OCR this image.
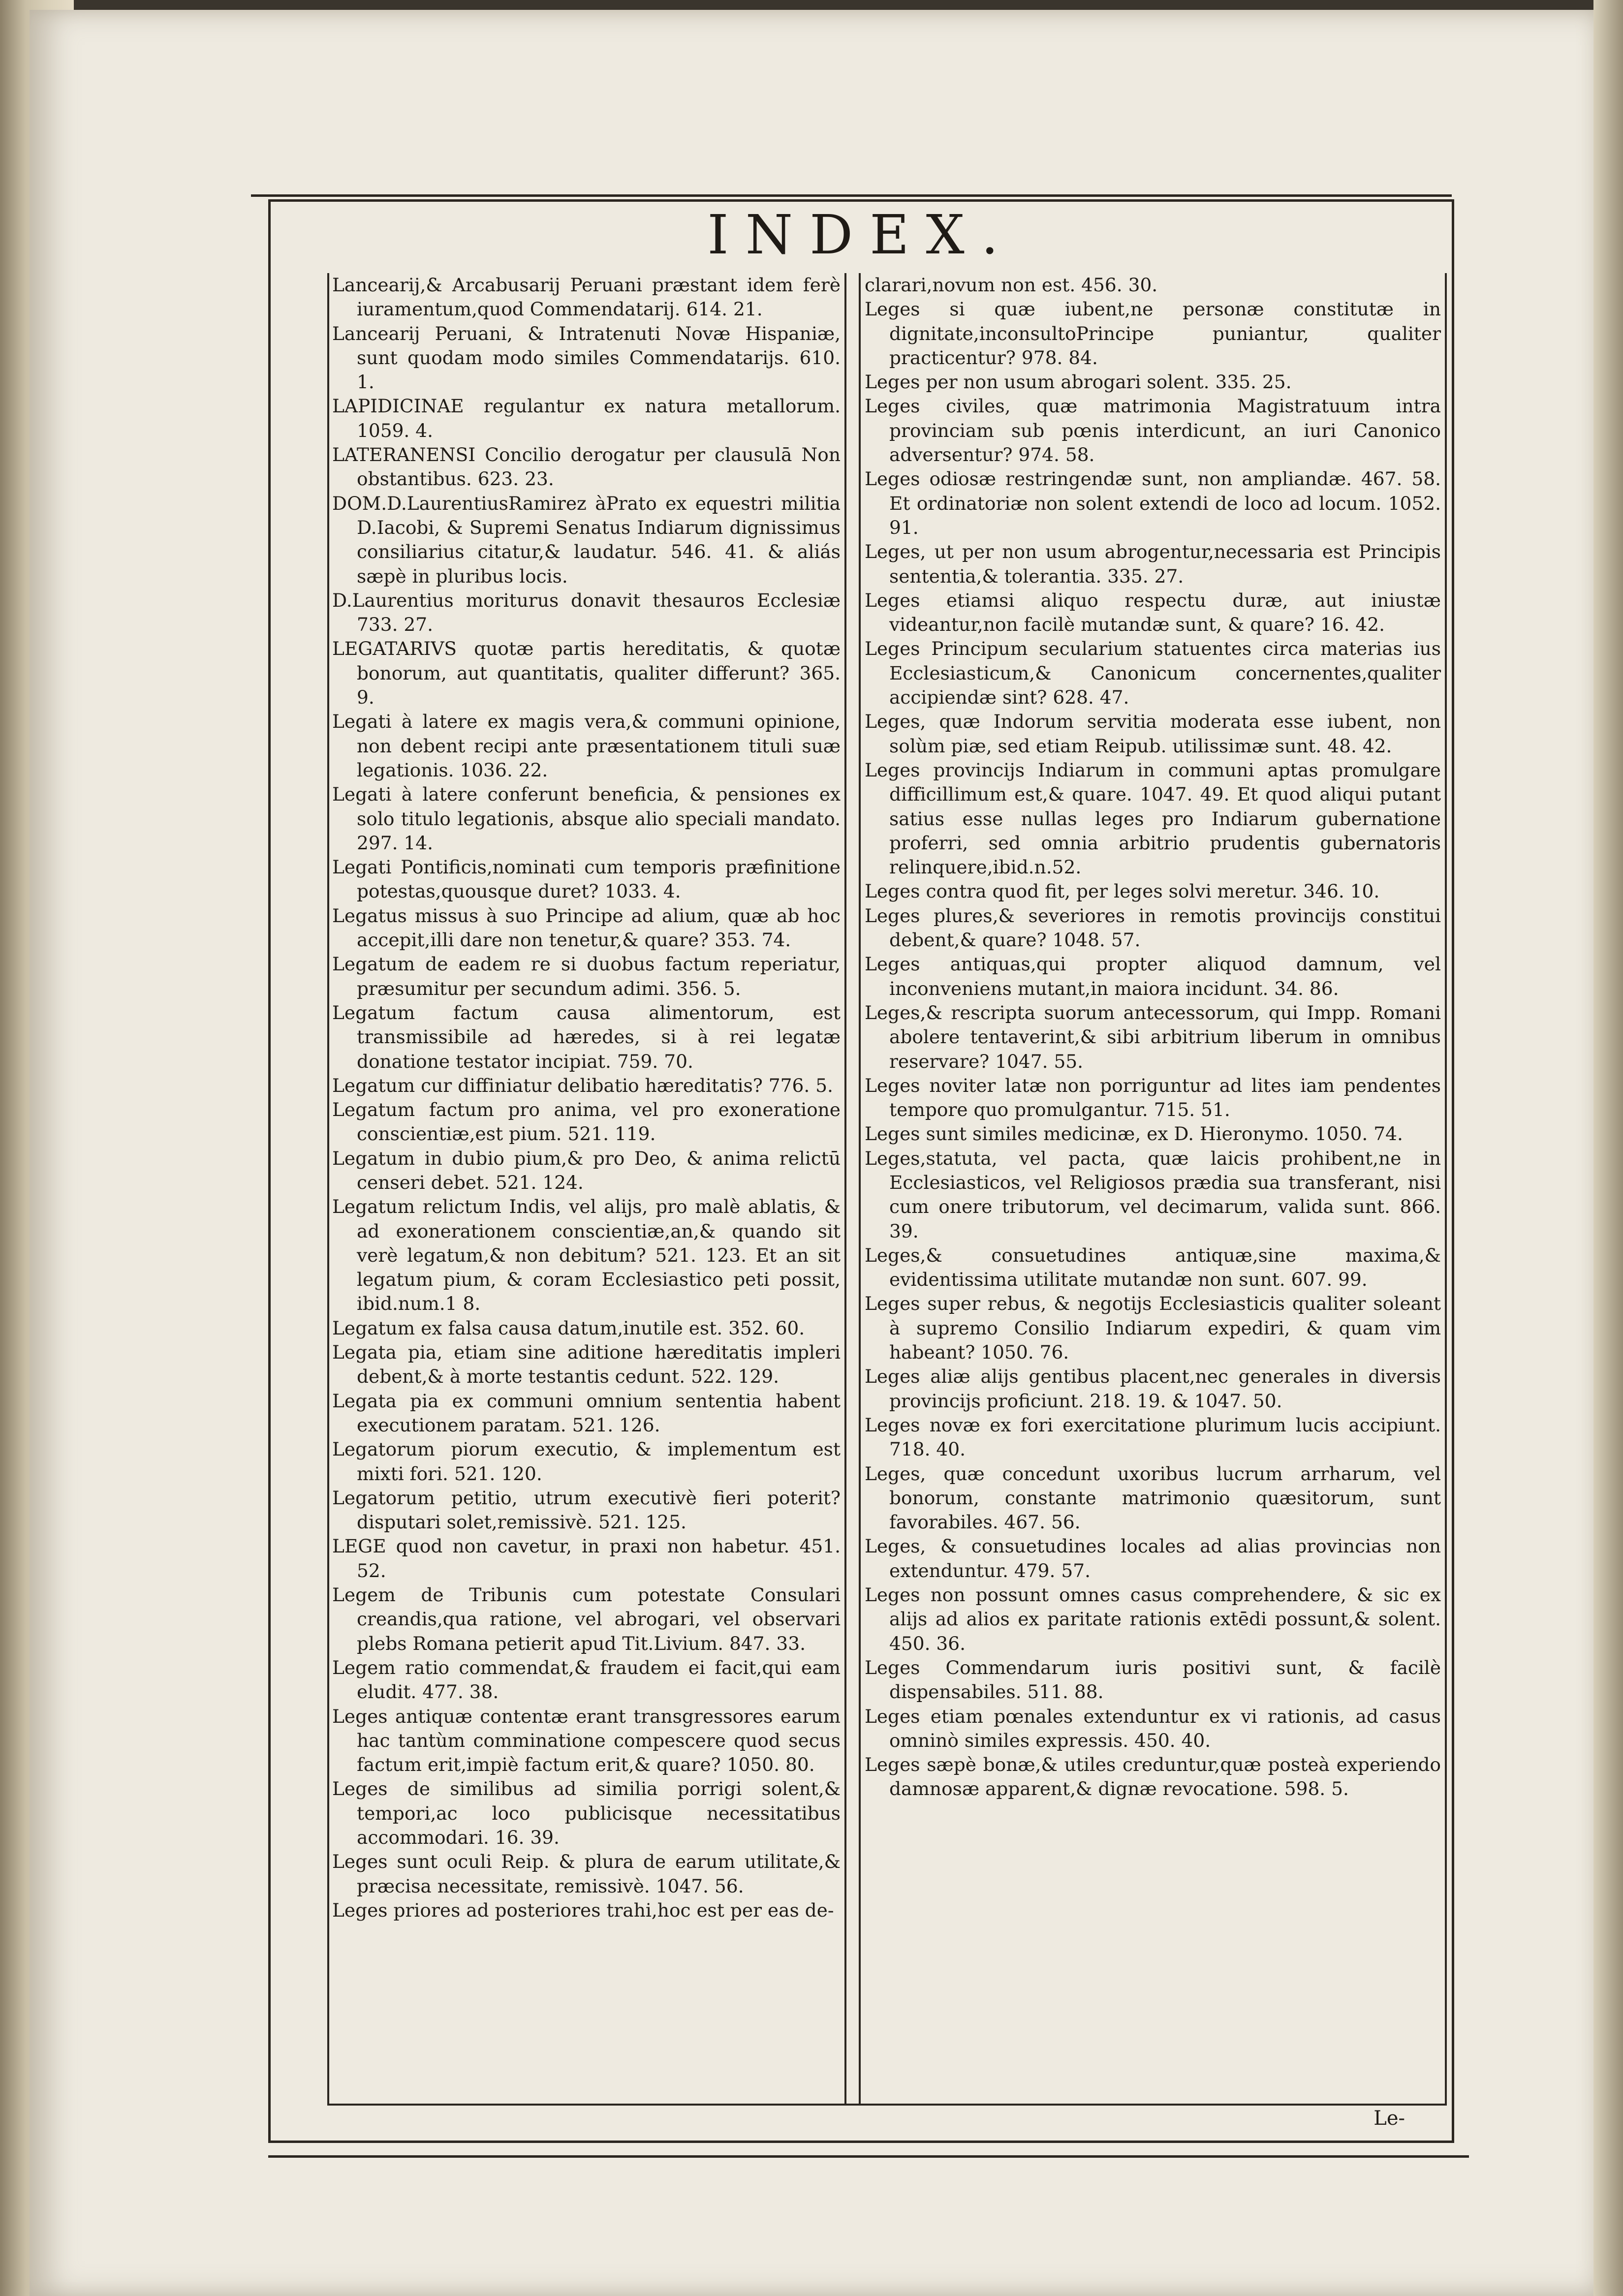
INDEX.
Lancearij,& Arcabusarij Peruani præstant idem ferè iuramentum,quod Commendatarij. 614. 21.
Lancearij Peruani, & Intratenuti Novæ Hispaniæ, sunt quodam modo similes Commendatarijs. 610. 1.
LAPIDICINAE regulantur ex natura metallorum. 1059. 4.
LATERANENSI Concilio derogatur per clausulā Non obstantibus. 623. 23.
DOM.D.LaurentiusRamirez àPrato ex equestri militia D.Iacobi, & Supremi Senatus Indiarum dignissimus consiliarius citatur,& laudatur. 546. 41. & aliás sæpè in pluribus locis.
D.Laurentius moriturus donavit thesauros Ecclesiæ 733. 27.
LEGATARIVS quotæ partis hereditatis, & quotæ bonorum, aut quantitatis, qualiter differunt? 365. 9.
Legati à latere ex magis vera,& communi opinione, non debent recipi ante præsentationem tituli suæ legationis. 1036. 22.
Legati à latere conferunt beneficia, & pensiones ex solo titulo legationis, absque alio speciali mandato. 297. 14.
Legati Pontificis,nominati cum temporis præfinitione potestas,quousque duret? 1033. 4.
Legatus missus à suo Principe ad alium, quæ ab hoc accepit,illi dare non tenetur,& quare? 353. 74.
Legatum de eadem re si duobus factum reperiatur, præsumitur per secundum adimi. 356. 5.
Legatum factum causa alimentorum, est transmissibile ad hæredes, si à rei legatæ donatione testator incipiat. 759. 70.
Legatum cur diffiniatur delibatio hæreditatis? 776. 5.
Legatum factum pro anima, vel pro exoneratione conscientiæ,est pium. 521. 119.
Legatum in dubio pium,& pro Deo, & anima relictū censeri debet. 521. 124.
Legatum relictum Indis, vel alijs, pro malè ablatis, & ad exonerationem conscientiæ,an,& quando sit verè legatum,& non debitum? 521. 123. Et an sit legatum pium, & coram Ecclesiastico peti possit, ibid.num.1 8.
Legatum ex falsa causa datum,inutile est. 352. 60.
Legata pia, etiam sine aditione hæreditatis impleri debent,& à morte testantis cedunt. 522. 129.
Legata pia ex communi omnium sententia habent executionem paratam. 521. 126.
Legatorum piorum executio, & implementum est mixti fori. 521. 120.
Legatorum petitio, utrum executivè fieri poterit? disputari solet,remissivè. 521. 125.
LEGE quod non cavetur, in praxi non habetur. 451. 52.
Legem de Tribunis cum potestate Consulari creandis,qua ratione, vel abrogari, vel observari plebs Romana petierit apud Tit.Livium. 847. 33.
Legem ratio commendat,& fraudem ei facit,qui eam eludit. 477. 38.
Leges antiquæ contentæ erant transgressores earum hac tantùm comminatione compescere quod secus factum erit,impiè factum erit,& quare? 1050. 80.
Leges de similibus ad similia porrigi solent,& tempori,ac loco publicisque necessitatibus accommodari. 16. 39.
Leges sunt oculi Reip. & plura de earum utilitate,& præcisa necessitate, remissivè. 1047. 56.
Leges priores ad posteriores trahi,hoc est per eas de-
clarari,novum non est. 456. 30.
Leges si quæ iubent,ne personæ constitutæ in dignitate,inconsultoPrincipe puniantur, qualiter practicentur? 978. 84.
Leges per non usum abrogari solent. 335. 25.
Leges civiles, quæ matrimonia Magistratuum intra provinciam sub pœnis interdicunt, an iuri Canonico adversentur? 974. 58.
Leges odiosæ restringendæ sunt, non ampliandæ. 467. 58. Et ordinatoriæ non solent extendi de loco ad locum. 1052. 91.
Leges, ut per non usum abrogentur,necessaria est Principis sententia,& tolerantia. 335. 27.
Leges etiamsi aliquo respectu duræ, aut iniustæ videantur,non facilè mutandæ sunt, & quare? 16. 42.
Leges Principum secularium statuentes circa materias ius Ecclesiasticum,& Canonicum concernentes,qualiter accipiendæ sint? 628. 47.
Leges, quæ Indorum servitia moderata esse iubent, non solùm piæ, sed etiam Reipub. utilissimæ sunt. 48. 42.
Leges provincijs Indiarum in communi aptas promulgare difficillimum est,& quare. 1047. 49. Et quod aliqui putant satius esse nullas leges pro Indiarum gubernatione proferri, sed omnia arbitrio prudentis gubernatoris relinquere,ibid.n.52.
Leges contra quod fit, per leges solvi meretur. 346. 10.
Leges plures,& severiores in remotis provincijs constitui debent,& quare? 1048. 57.
Leges antiquas,qui propter aliquod damnum, vel inconveniens mutant,in maiora incidunt. 34. 86.
Leges,& rescripta suorum antecessorum, qui Impp. Romani abolere tentaverint,& sibi arbitrium liberum in omnibus reservare? 1047. 55.
Leges noviter latæ non porriguntur ad lites iam pendentes tempore quo promulgantur. 715. 51.
Leges sunt similes medicinæ, ex D. Hieronymo. 1050. 74.
Leges,statuta, vel pacta, quæ laicis prohibent,ne in Ecclesiasticos, vel Religiosos prædia sua transferant, nisi cum onere tributorum, vel decimarum, valida sunt. 866. 39.
Leges,& consuetudines antiquæ,sine maxima,& evidentissima utilitate mutandæ non sunt. 607. 99.
Leges super rebus, & negotijs Ecclesiasticis qualiter soleant à supremo Consilio Indiarum expediri, & quam vim habeant? 1050. 76.
Leges aliæ alijs gentibus placent,nec generales in diversis provincijs proficiunt. 218. 19. & 1047. 50.
Leges novæ ex fori exercitatione plurimum lucis accipiunt. 718. 40.
Leges, quæ concedunt uxoribus lucrum arrharum, vel bonorum, constante matrimonio quæsitorum, sunt favorabiles. 467. 56.
Leges, & consuetudines locales ad alias provincias non extenduntur. 479. 57.
Leges non possunt omnes casus comprehendere, & sic ex alijs ad alios ex paritate rationis extēdi possunt,& solent. 450. 36.
Leges Commendarum iuris positivi sunt, & facilè dispensabiles. 511. 88.
Leges etiam pœnales extenduntur ex vi rationis, ad casus omninò similes expressis. 450. 40.
Leges sæpè bonæ,& utiles creduntur,quæ posteà experiendo damnosæ apparent,& dignæ revocatione. 598. 5.
Le-
